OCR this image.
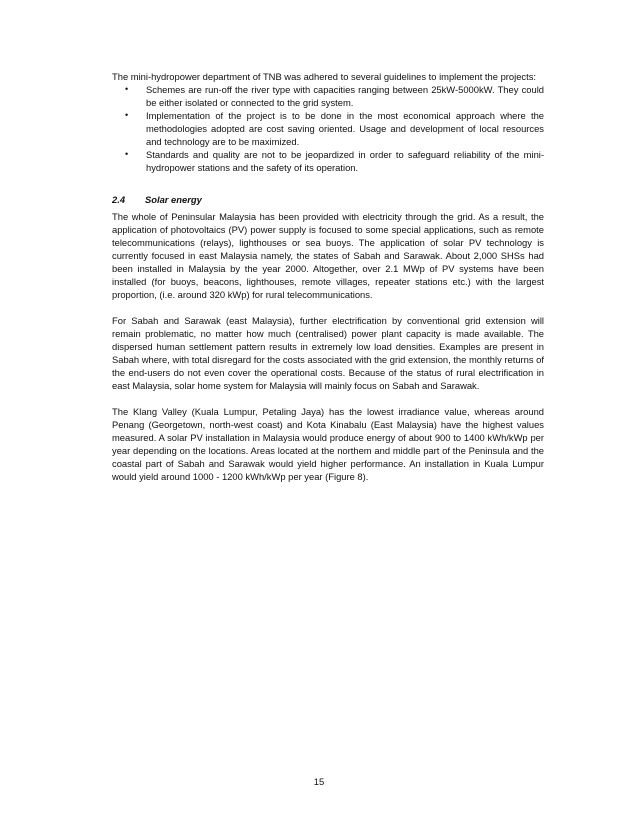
The mini-hydropower department of TNB was adhered to several guidelines to implement the projects:

• Schemes are run-off the river type with capacities ranging between 25kW-5000kW. They could be either isolated or connected to the grid system.
• Implementation of the project is to be done in the most economical approach where the methodologies adopted are cost saving oriented. Usage and development of local resources and technology are to be maximized.
• Standards and quality are not to be jeopardized in order to safeguard reliability of the mini-hydropower stations and the safety of its operation.
2.4	Solar energy

The whole of Peninsular Malaysia has been provided with electricity through the grid. As a result, the application of photovoltaics (PV) power supply is focused to some special applications, such as remote telecommunications (relays), lighthouses or sea buoys. The application of solar PV technology is currently focused in east Malaysia namely, the states of Sabah and Sarawak. About 2,000 SHSs had been installed in Malaysia by the year 2000. Altogether, over 2.1 MWp of PV systems have been installed (for buoys, beacons, lighthouses, remote villages, repeater stations etc.) with the largest proportion, (i.e. around 320 kWp) for rural telecommunications.

For Sabah and Sarawak (east Malaysia), further electrification by conventional grid extension will remain problematic, no matter how much (centralised) power plant capacity is made available. The dispersed human settlement pattern results in extremely low load densities. Examples are present in Sabah where, with total disregard for the costs associated with the grid extension, the monthly returns of the end-users do not even cover the operational costs. Because of the status of rural electrification in east Malaysia, solar home system for Malaysia will mainly focus on Sabah and Sarawak.

The Klang Valley (Kuala Lumpur, Petaling Jaya) has the lowest irradiance value, whereas around Penang (Georgetown, north-west coast) and Kota Kinabalu (East Malaysia) have the highest values measured. A solar PV installation in Malaysia would produce energy of about 900 to 1400 kWh/kWp per year depending on the locations. Areas located at the northem and middle part of the Peninsula and the coastal part of Sabah and Sarawak would yield higher performance. An installation in Kuala Lumpur would yield around 1000 - 1200 kWh/kWp per year (Figure 8).

15
